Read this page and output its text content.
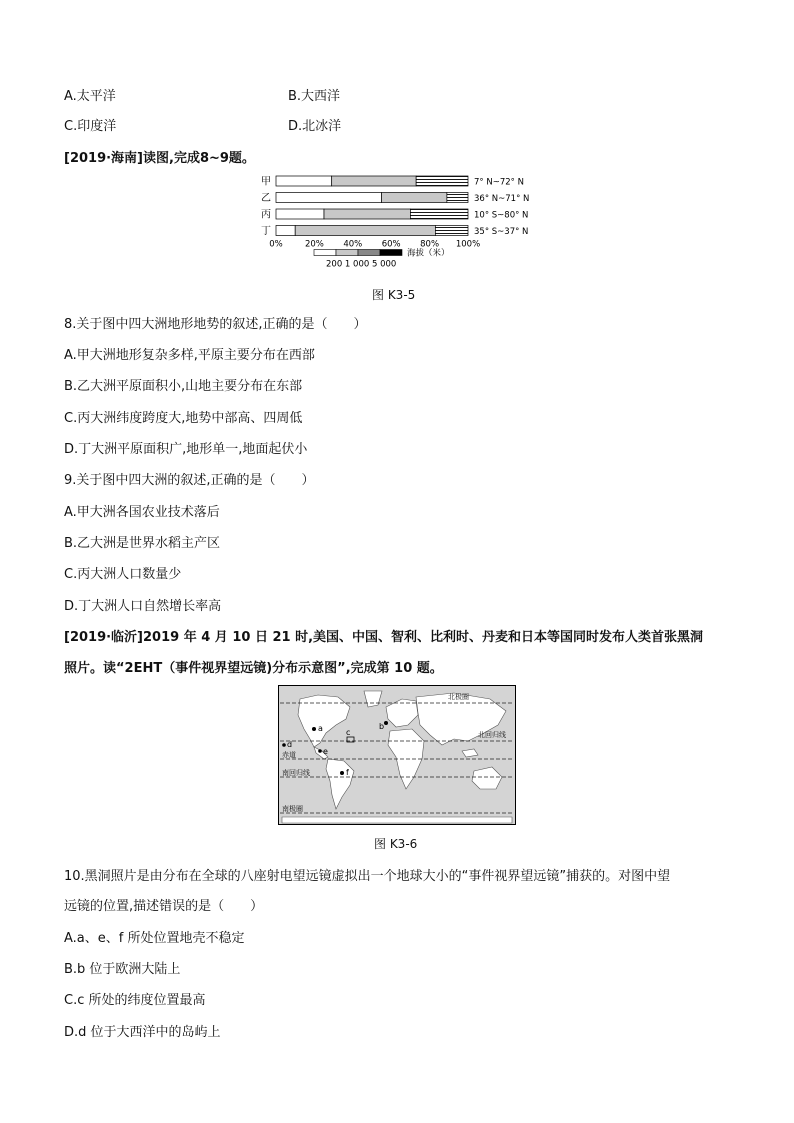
A.太平洋	B.大西洋
C.印度洋	D.北冰洋
[2019·海南]读图,完成8~9题。
甲	7° N~72° N
乙	36° N~71° N
丙	10° S~80° N
丁	35° S~37° N
0%	20% 40% 60% 80% 100%
海拔（米）
200 1 000 5 000
图 K3-5
8.关于图中四大洲地形地势的叙述,正确的是（　　）
A.甲大洲地形复杂多样,平原主要分布在西部
B.乙大洲平原面积小,山地主要分布在东部
C.丙大洲纬度跨度大,地势中部高、四周低
D.丁大洲平原面积广,地形单一,地面起伏小
9.关于图中四大洲的叙述,正确的是（　　）
A.甲大洲各国农业技术落后
B.乙大洲是世界水稻主产区
C.丙大洲人口数量少
D.丁大洲人口自然增长率高
[2019·临沂]2019 年 4 月 10 日 21 时,美国、中国、智利、比利时、丹麦和日本等国同时发布人类首张黑洞
照片。读“2EHT（事件视界望远镜)分布示意图”,完成第 10 题。
北极圈
北回归线
赤道
南回归线
南极圈
a	b
c
d
e
f
图 K3-6
10.黑洞照片是由分布在全球的八座射电望远镜虚拟出一个地球大小的“事件视界望远镜”捕获的。对图中望
远镜的位置,描述错误的是（　　）
A.a、e、f 所处位置地壳不稳定
B.b 位于欧洲大陆上
C.c 所处的纬度位置最高
D.d 位于大西洋中的岛屿上
